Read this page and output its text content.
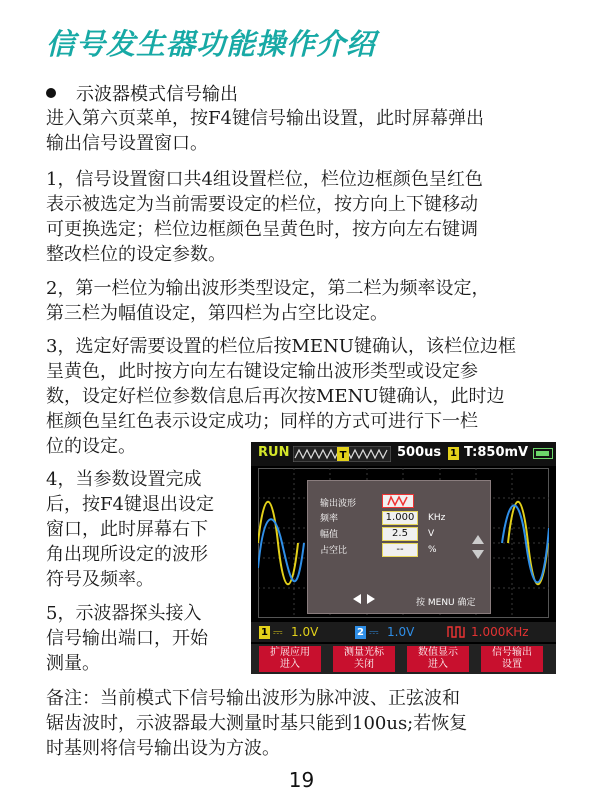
信号发生器功能操作介绍
示波器模式信号输出
进入第六页菜单，按F4键信号输出设置，此时屏幕弹出
输出信号设置窗口。
1，信号设置窗口共4组设置栏位，栏位边框颜色呈红色
表示被选定为当前需要设定的栏位，按方向上下键移动
可更换选定；栏位边框颜色呈黄色时，按方向左右键调
整改栏位的设定参数。
2，第一栏位为输出波形类型设定，第二栏为频率设定，
第三栏为幅值设定，第四栏为占空比设定。
3，选定好需要设置的栏位后按MENU键确认，该栏位边框
呈黄色，此时按方向左右键设定输出波形类型或设定参
数，设定好栏位参数信息后再次按MENU键确认，此时边
框颜色呈红色表示设定成功；同样的方式可进行下一栏
位的设定。
4，当参数设置完成
后，按F4键退出设定
窗口，此时屏幕右下
角出现所设定的波形
符号及频率。
5，示波器探头接入
信号输出端口，开始
测量。
备注：当前模式下信号输出波形为脉冲波、正弦波和
锯齿波时，示波器最大测量时基只能到100us;若恢复
时基则将信号输出设为方波。
RUN	T	500us 1 T:850mV
输出波形
频率	1.000	KHz
幅值	2.5	V
占空比	--	%
按 MENU 确定
1 ⎓ 1.0V	2 ⎓ 1.0V	1.000KHz
扩展应用
进入
测量光标
关闭
数值显示
进入
信号输出
设置
19
